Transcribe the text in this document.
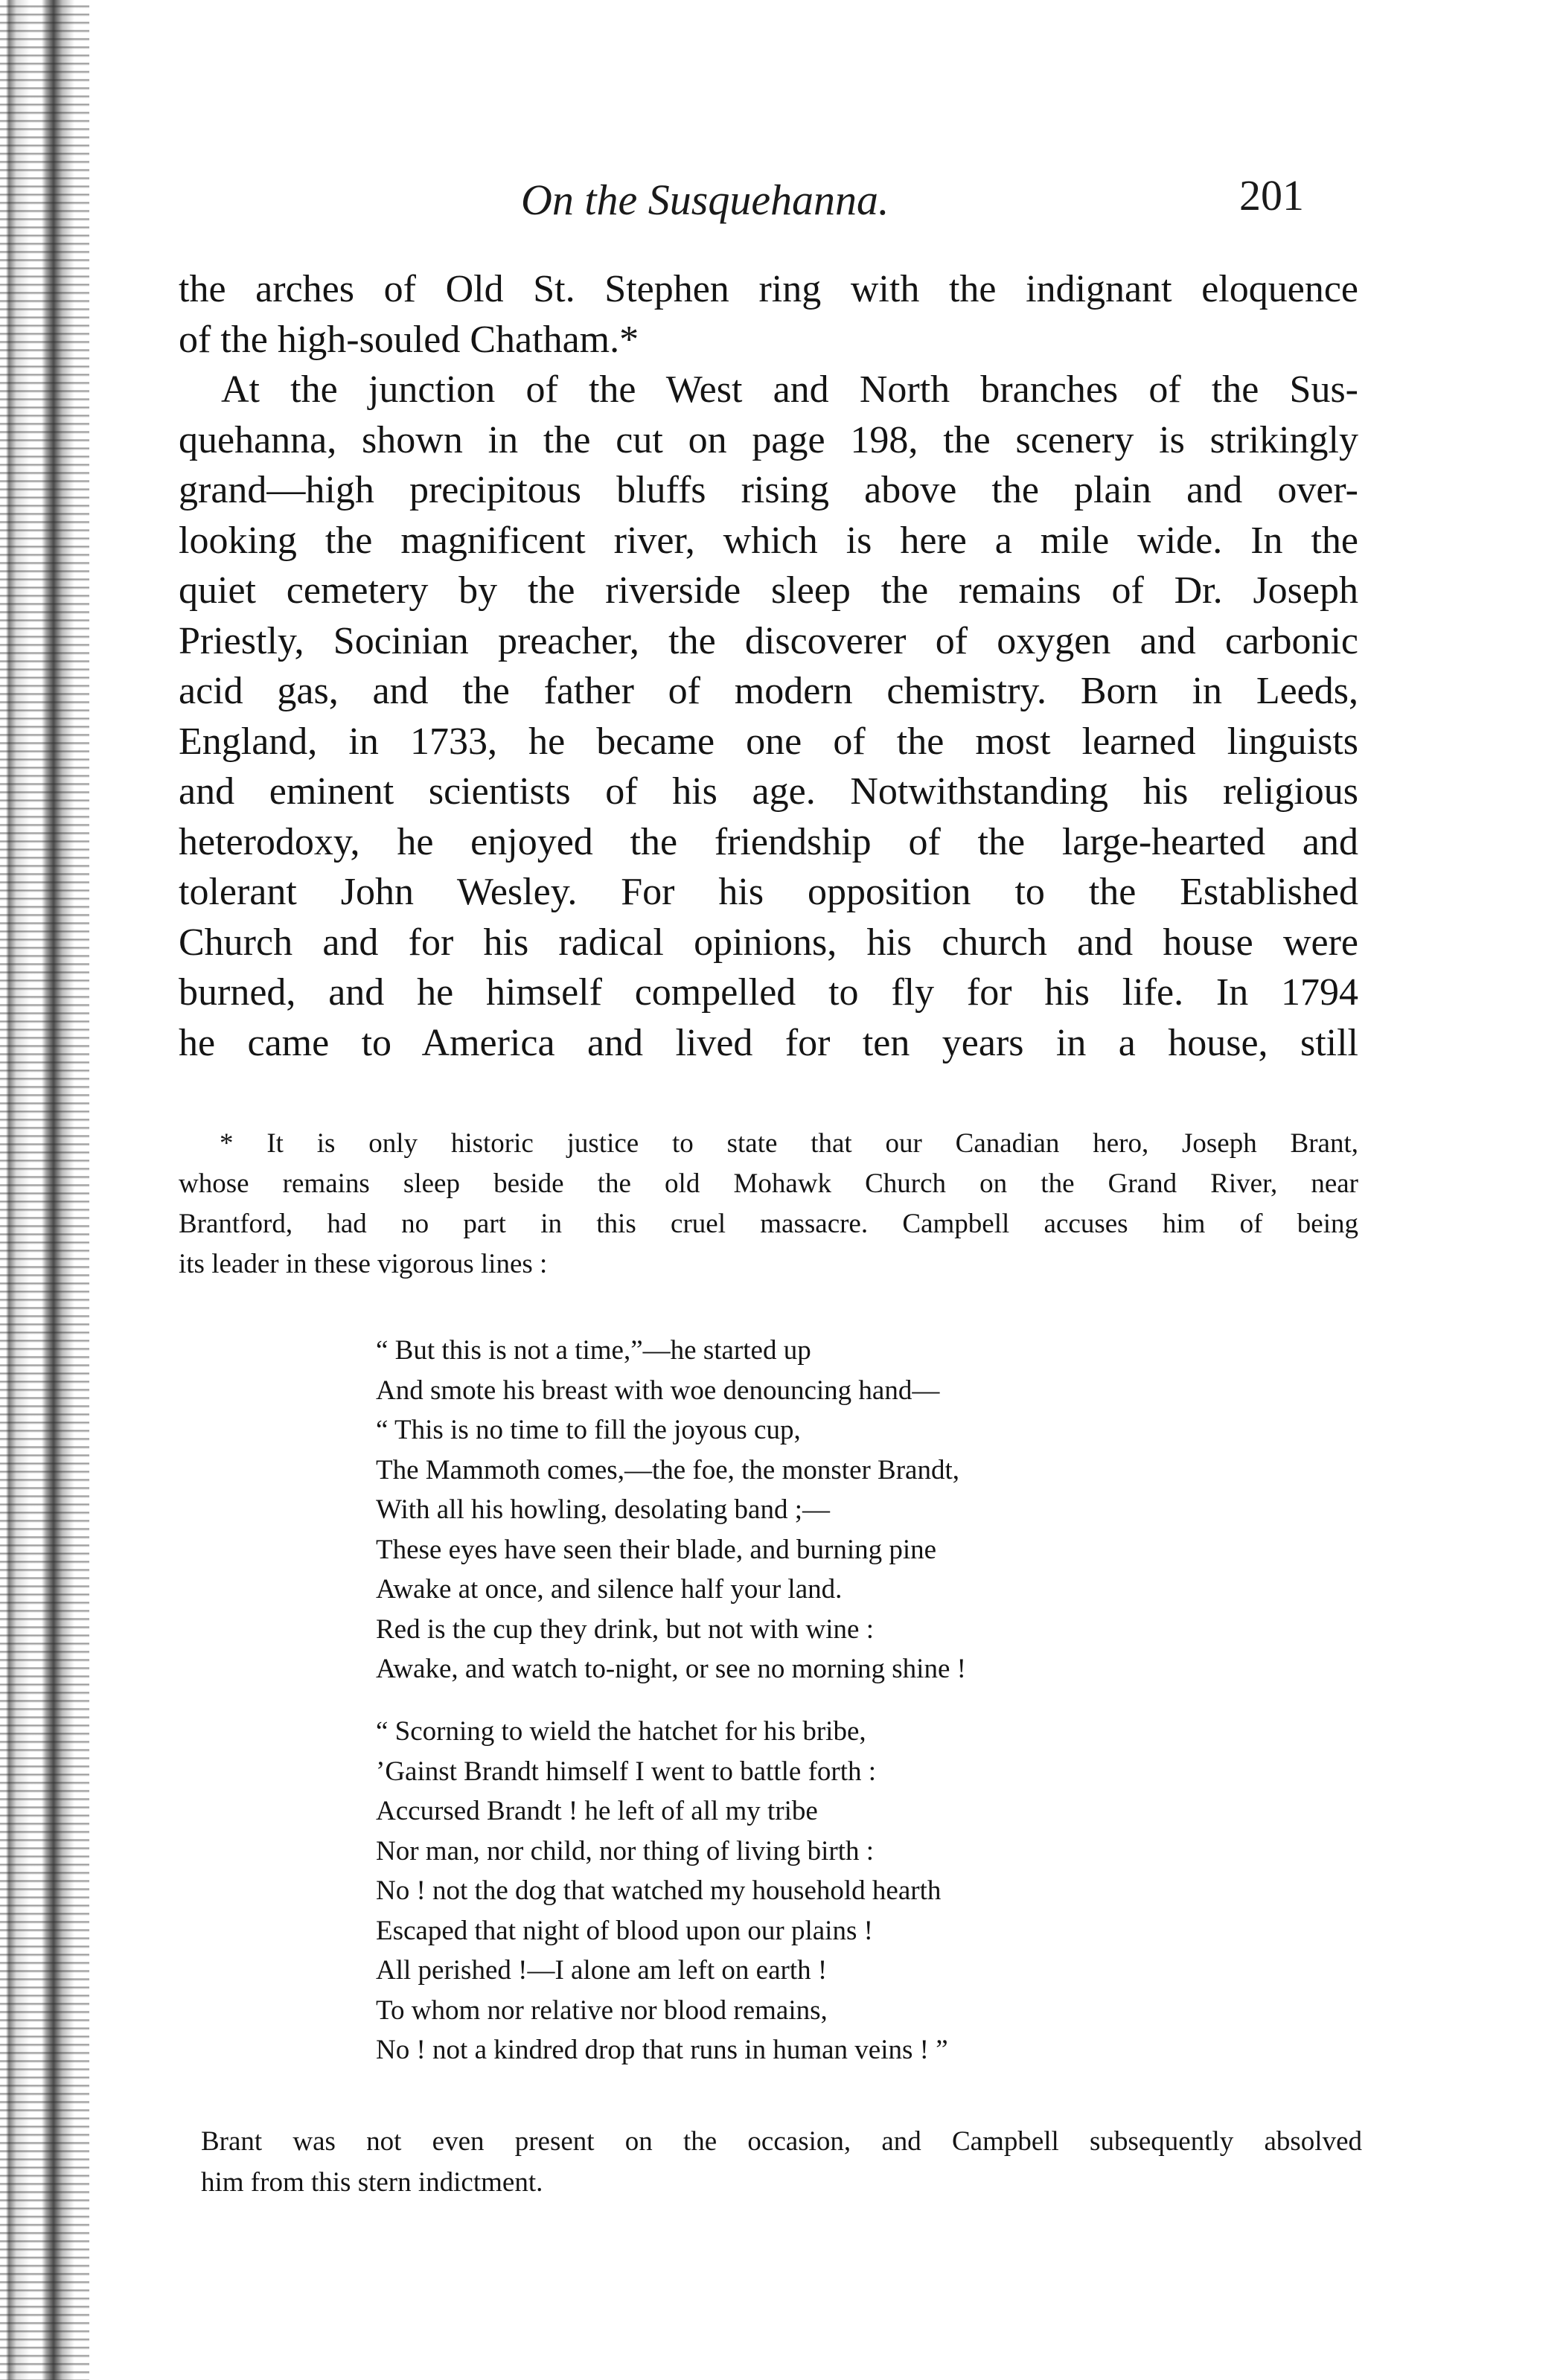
On the Susquehanna.	201
the arches of Old St. Stephen ring with the indignant eloquence
of the high-souled Chatham.*
At the junction of the West and North branches of the Sus-
quehanna, shown in the cut on page 198, the scenery is strikingly
grand—high precipitous bluffs rising above the plain and over-
looking the magnificent river, which is here a mile wide. In the
quiet cemetery by the riverside sleep the remains of Dr. Joseph
Priestly, Socinian preacher, the discoverer of oxygen and carbonic
acid gas, and the father of modern chemistry. Born in Leeds,
England, in 1733, he became one of the most learned linguists
and eminent scientists of his age. Notwithstanding his religious
heterodoxy, he enjoyed the friendship of the large-hearted and
tolerant John Wesley. For his opposition to the Established
Church and for his radical opinions, his church and house were
burned, and he himself compelled to fly for his life. In 1794
he came to America and lived for ten years in a house, still
* It is only historic justice to state that our Canadian hero, Joseph Brant,
whose remains sleep beside the old Mohawk Church on the Grand River, near
Brantford, had no part in this cruel massacre. Campbell accuses him of being
its leader in these vigorous lines :
“ But this is not a time,”—he started up
And smote his breast with woe denouncing hand—
“ This is no time to fill the joyous cup,
The Mammoth comes,—the foe, the monster Brandt,
With all his howling, desolating band ;—
These eyes have seen their blade, and burning pine
Awake at once, and silence half your land.
Red is the cup they drink, but not with wine :
Awake, and watch to-night, or see no morning shine !
“ Scorning to wield the hatchet for his bribe,
’Gainst Brandt himself I went to battle forth :
Accursed Brandt ! he left of all my tribe
Nor man, nor child, nor thing of living birth :
No ! not the dog that watched my household hearth
Escaped that night of blood upon our plains !
All perished !—I alone am left on earth !
To whom nor relative nor blood remains,
No ! not a kindred drop that runs in human veins ! ”
Brant was not even present on the occasion, and Campbell subsequently absolved
him from this stern indictment.
